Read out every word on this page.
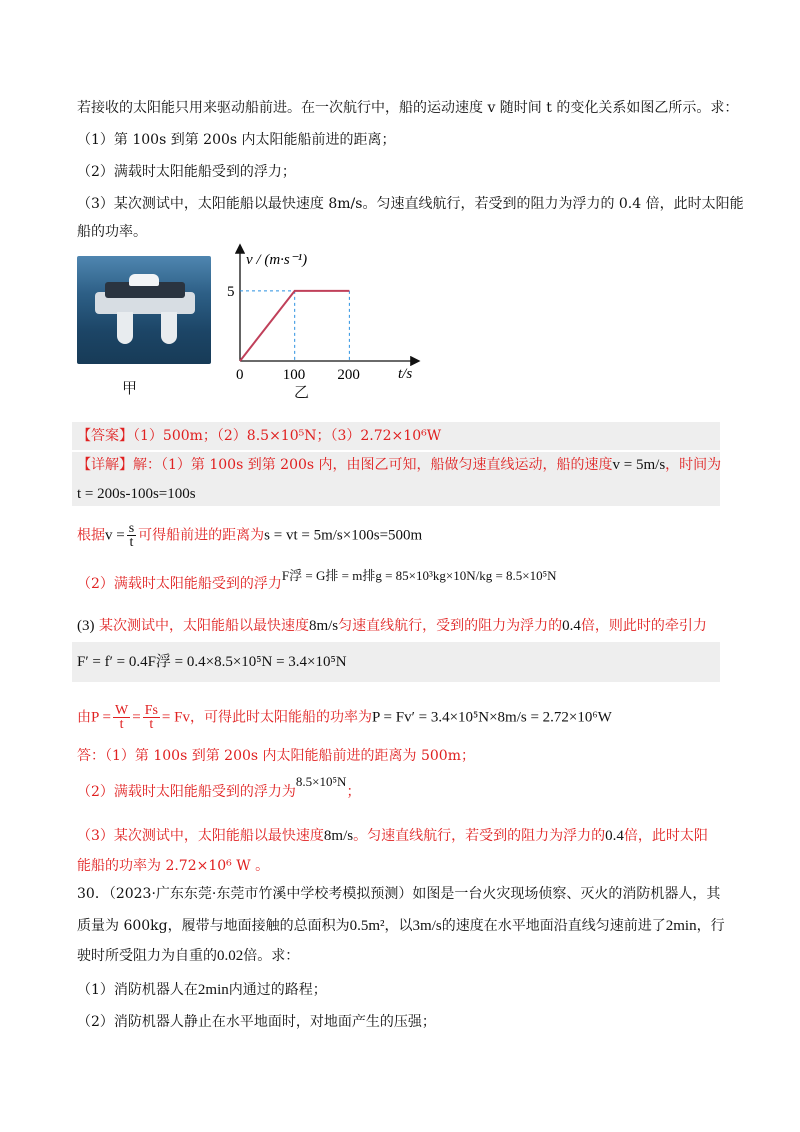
若接收的太阳能只用来驱动船前进。在一次航行中，船的运动速度 v 随时间 t 的变化关系如图乙所示。求：
（1）第 100s 到第 200s 内太阳能船前进的距离；
（2）满载时太阳能船受到的浮力；
（3）某次测试中，太阳能船以最快速度 8m/s。匀速直线航行，若受到的阻力为浮力的 0.4 倍，此时太阳能
船的功率。
甲
0	100 200
5
v / (m·s⁻¹)
t/s
乙
【答案】（1）500m；（2）8.5×10⁵N；（3）2.72×10⁶W
【详解】解：（1）第 100s 到第 200s 内，由图乙可知，船做匀速直线运动，船的速度v = 5m/s，时间为
t = 200s-100s=100s
根据$v = \frac{s}{t}$ 可得船前进的距离为s = vt = 5m/s×100s=500m
（2）满载时太阳能船受到的浮力F浮 = G排 = m排g = 85×10³kg×10N/kg = 8.5×10⁵N
(3) 某次测试中，太阳能船以最快速度8m/s匀速直线航行，受到的阻力为浮力的0.4倍，则此时的牵引力
F′ = f′ = 0.4F浮 = 0.4×8.5×10⁵N = 3.4×10⁵N
由$P = \frac{W}{t} = \frac{Fs}{t} = Fv$，可得此时太阳能船的功率为P = Fv′ = 3.4×10⁵N×8m/s = 2.72×10⁶W
答：（1）第 100s 到第 200s 内太阳能船前进的距离为 500m；
（2）满载时太阳能船受到的浮力为8.5×10⁵N；
（3）某次测试中，太阳能船以最快速度8m/s。匀速直线航行，若受到的阻力为浮力的0.4倍，此时太阳
能船的功率为 2.72×10⁶ W 。
30．（2023·广东东莞·东莞市竹溪中学校考模拟预测）如图是一台火灾现场侦察、灭火的消防机器人，其
质量为 600kg，履带与地面接触的总面积为0.5m²，以3m/s的速度在水平地面沿直线匀速前进了2min，行
驶时所受阻力为自重的0.02倍。求：
（1）消防机器人在2min内通过的路程；
（2）消防机器人静止在水平地面时，对地面产生的压强；
